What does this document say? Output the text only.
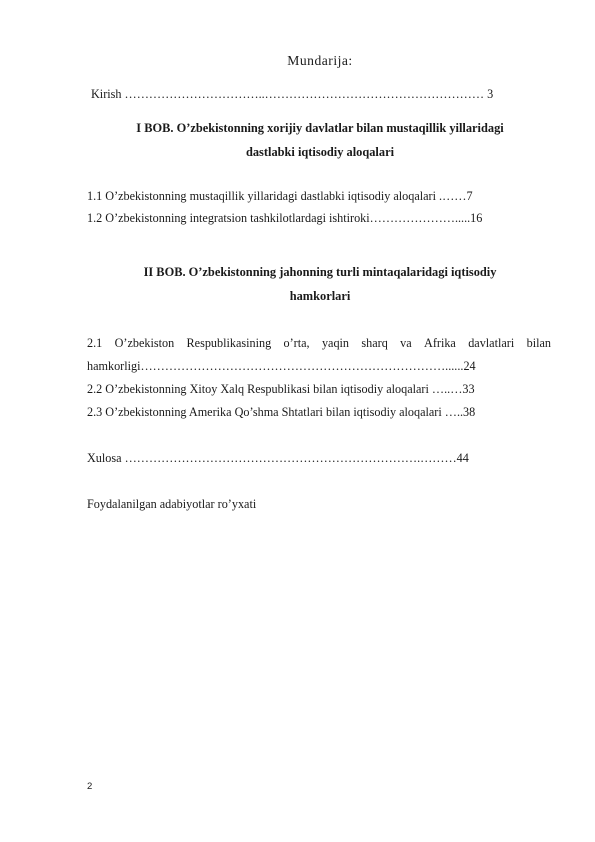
Mundarija:
Kirish ……………………………..……………………………………………… 3
I BOB. O’zbekistonning xorijiy davlatlar bilan mustaqillik yillaridagi
dastlabki iqtisodiy aloqalari
1.1 O’zbekistonning mustaqillik yillaridagi dastlabki iqtisodiy aloqalari .……7
1.2 O’zbekistonning integratsion tashkilotlardagi ishtiroki………………….....16
II BOB. O’zbekistonning jahonning turli mintaqalaridagi iqtisodiy
hamkorlari
2.1 O’zbekiston Respublikasining o’rta, yaqin sharq va Afrika davlatlari bilan
hamkorligi…………………………………………………………………......24
2.2 O’zbekistonning Xitoy Xalq Respublikasi bilan iqtisodiy aloqalari …..…33
2.3 O’zbekistonning Amerika Qo’shma Shtatlari bilan iqtisodiy aloqalari …..38
Xulosa ……………………………………………………………….………44
Foydalanilgan adabiyotlar ro’yxati
2
